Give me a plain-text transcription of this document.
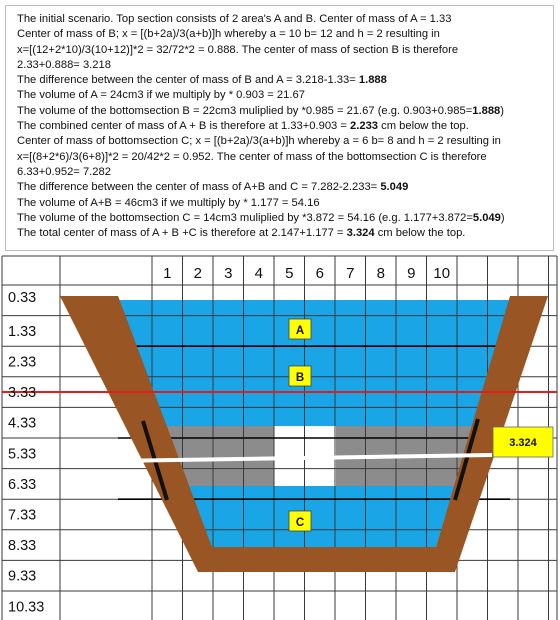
The initial scenario. Top section consists of 2 area's A and B. Center of mass of A = 1.33
Center of mass of B; x = [(b+2a)/3(a+b)]h whereby a = 10 b= 12 and h = 2 resulting in
x=[(12+2*10)/3(10+12)]*2 = 32/72*2 = 0.888. The center of mass of section B is therefore
2.33+0.888= 3.218
The difference between the center of mass of B and A = 3.218-1.33= 1.888
The volume of A = 24cm3 if we multiply by * 0.903 = 21.67
The volume of the bottomsection B = 22cm3 muliplied by *0.985 = 21.67 (e.g. 0.903+0.985=1.888)
The combined center of mass of A + B is therefore at 1.33+0.903 = 2.233 cm below the top.
Center of mass of bottomsection C; x = [(b+2a)/3(a+b)]h whereby a = 6 b= 8 and h = 2 resulting in
x=[(8+2*6)/3(6+8)]*2 = 20/42*2 = 0.952. The center of mass of the bottomsection C is therefore
6.33+0.952= 7.282
The difference between the center of mass of A+B and C = 7.282-2.233= 5.049
The volume of A+B = 46cm3 if we multiply by * 1.177 = 54.16
The volume of the bottomsection C = 14cm3 muliplied by *3.872 = 54.16 (e.g. 1.177+3.872=5.049)
The total center of mass of A + B +C is therefore at 2.147+1.177 = 3.324 cm below the top.
1 2 3 4 5 6 7 8 9 10
0.33
1.33
2.33
3.33
4.33
5.33
6.33
7.33
8.33
9.33
10.33
A
B
C
3.324
